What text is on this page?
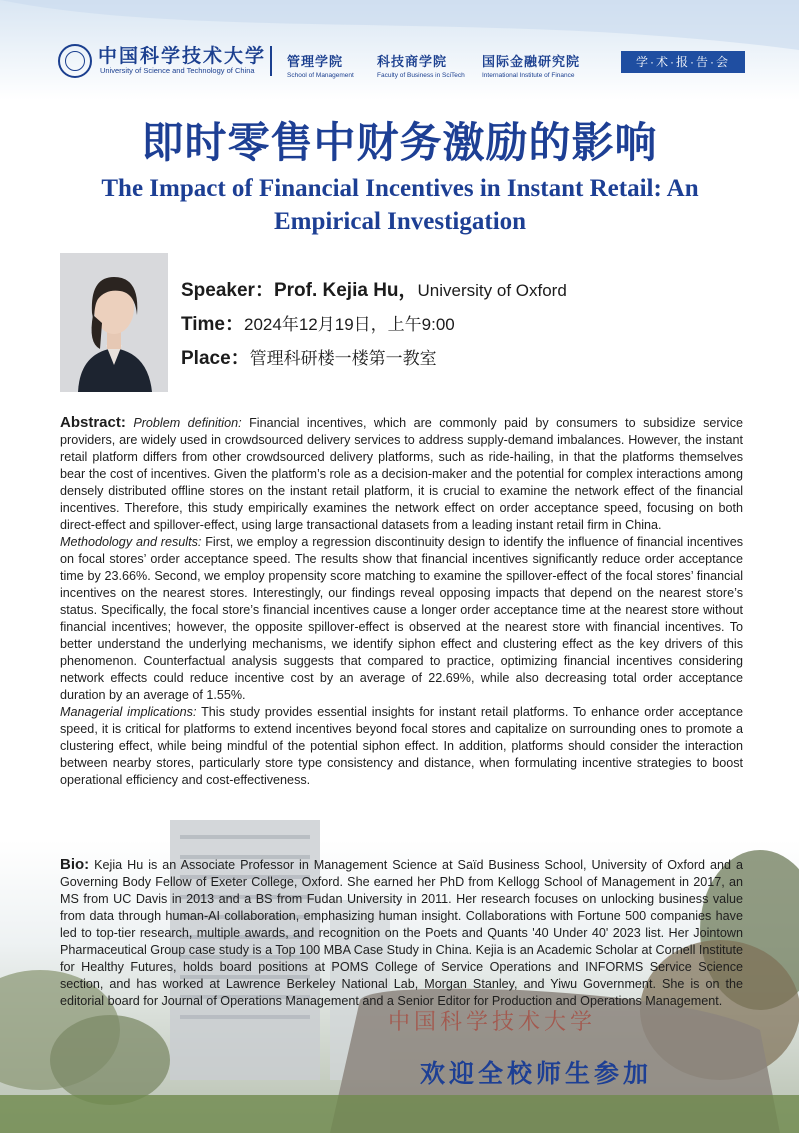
中国科学技术大学
University of Science and Technology of China
管理学院
School of Management
科技商学院
Faculty of Business in SciTech
国际金融研究院
International Institute of Finance
学·术·报·告·会
即时零售中财务激励的影响
The Impact of Financial Incentives in Instant Retail: An Empirical Investigation
Speaker：Prof. Kejia Hu，University of Oxford
Time：2024年12月19日，上午9:00
Place：管理科研楼一楼第一教室

Abstract: Problem definition: Financial incentives, which are commonly paid by consumers to subsidize service providers, are widely used in crowdsourced delivery services to address supply-demand imbalances. However, the instant retail platform differs from other crowdsourced delivery platforms, such as ride-hailing, in that the platforms themselves bear the cost of incentives. Given the platform’s role as a decision-maker and the potential for complex interactions among densely distributed offline stores on the instant retail platform, it is crucial to examine the network effect of the financial incentives. Therefore, this study empirically examines the network effect on order acceptance speed, focusing on both direct-effect and spillover-effect, using large transactional datasets from a leading instant retail firm in China.

Methodology and results: First, we employ a regression discontinuity design to identify the influence of financial incentives on focal stores’ order acceptance speed. The results show that financial incentives significantly reduce order acceptance time by 23.66%. Second, we employ propensity score matching to examine the spillover-effect of the focal stores’ financial incentives on the nearest stores. Interestingly, our findings reveal opposing impacts that depend on the nearest store’s status. Specifically, the focal store’s financial incentives cause a longer order acceptance time at the nearest store without financial incentives; however, the opposite spillover-effect is observed at the nearest store with financial incentives. To better understand the underlying mechanisms, we identify siphon effect and clustering effect as the key drivers of this phenomenon. Counterfactual analysis suggests that compared to practice, optimizing financial incentives considering network effects could reduce incentive cost by an average of 22.69%, while also decreasing total order acceptance duration by an average of 1.55%.

Managerial implications: This study provides essential insights for instant retail platforms. To enhance order acceptance speed, it is critical for platforms to extend incentives beyond focal stores and capitalize on surrounding ones to promote a clustering effect, while being mindful of the potential siphon effect. In addition, platforms should consider the interaction between nearby stores, particularly store type consistency and distance, when formulating incentive strategies to boost operational efficiency and cost-effectiveness.

Bio: Kejia Hu is an Associate Professor in Management Science at Saïd Business School, University of Oxford and a Governing Body Fellow of Exeter College, Oxford. She earned her PhD from Kellogg School of Management in 2017, an MS from UC Davis in 2013 and a BS from Fudan University in 2011. Her research focuses on unlocking business value from data through human-AI collaboration, emphasizing human insight. Collaborations with Fortune 500 companies have led to top-tier research, multiple awards, and recognition on the Poets and Quants '40 Under 40' 2023 list. Her Jointown Pharmaceutical Group case study is a Top 100 MBA Case Study in China. Kejia is an Academic Scholar at Cornell Institute for Healthy Futures, holds board positions at POMS College of Service Operations and INFORMS Service Science section, and has worked at Lawrence Berkeley National Lab, Morgan Stanley, and Yiwu Government. She is on the editorial board for Journal of Operations Management and a Senior Editor for Production and Operations Management.
中国科学技术大学
欢迎全校师生参加
